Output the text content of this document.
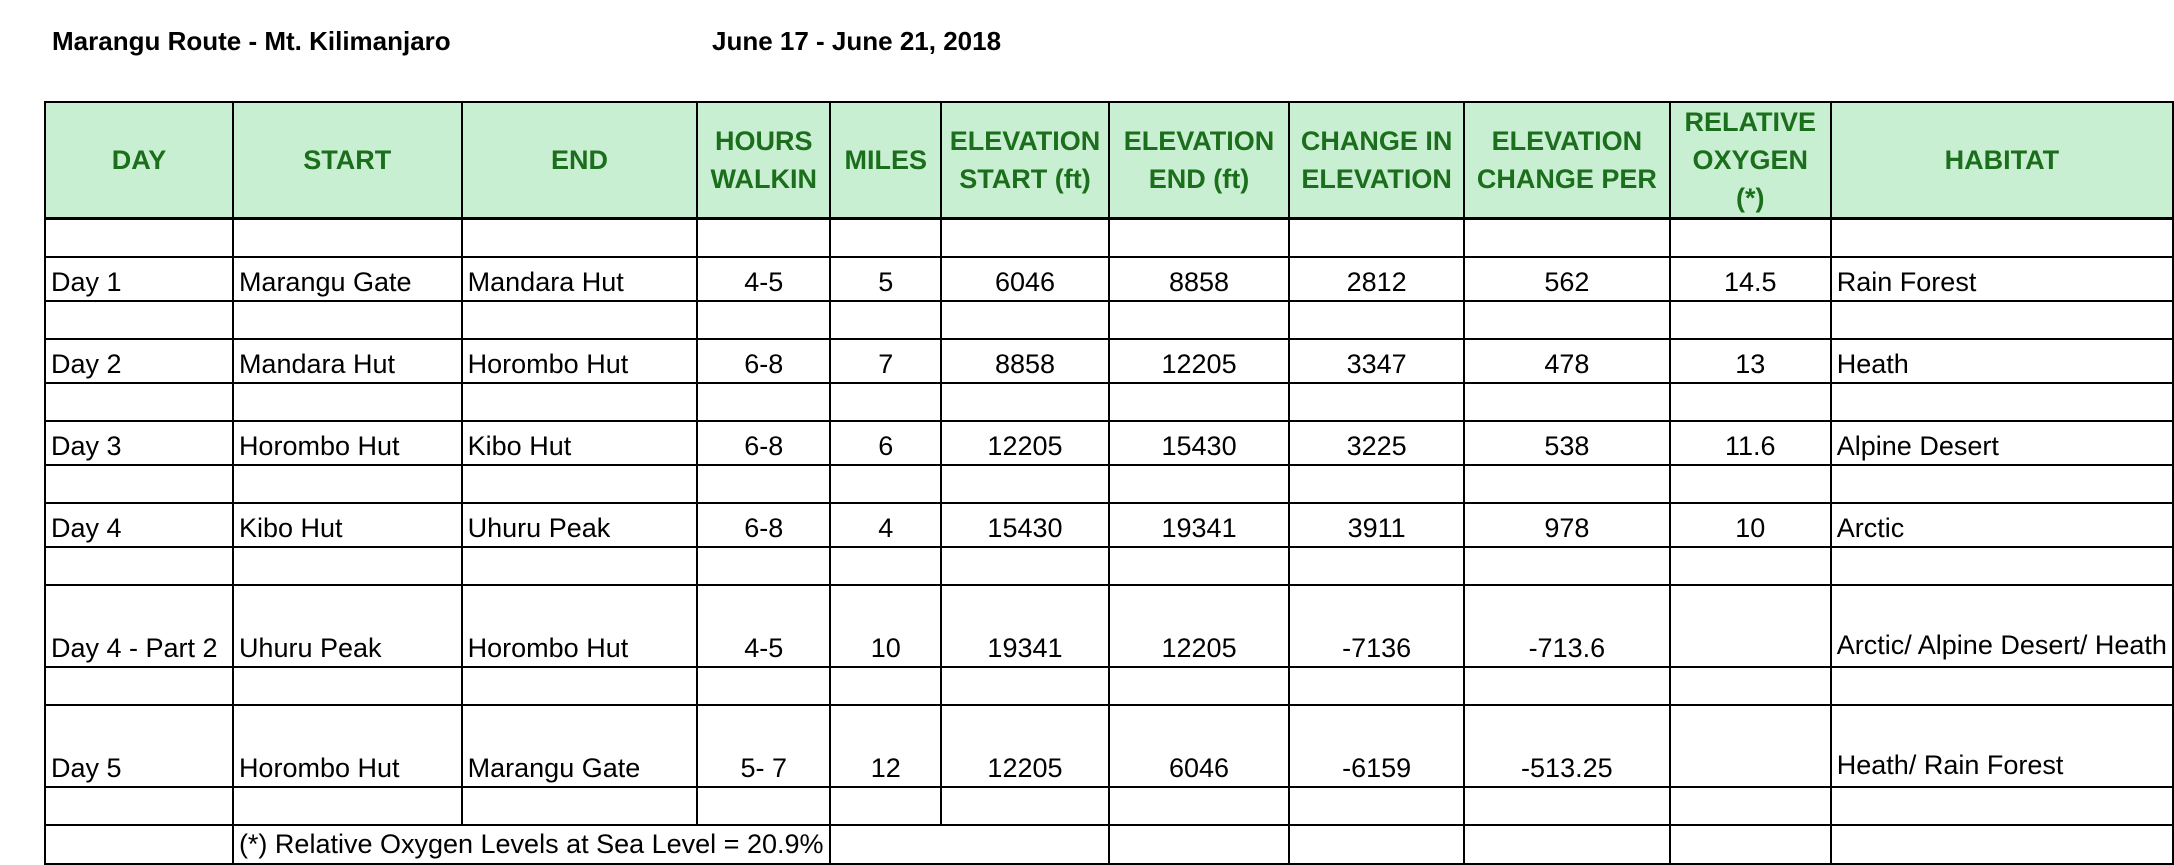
Marangu Route - Mt. Kilimanjaro	June 17 - June 21, 2018
DAY	START	END	HOURS WALKIN	MILES	ELEVATION START (ft)	ELEVATION END (ft)	CHANGE IN ELEVATION	ELEVATION CHANGE PER	RELATIVE OXYGEN (*)	HABITAT

Day 1	Marangu Gate	Mandara Hut	4-5	5	6046	8858	2812	562	14.5	Rain Forest

Day 2	Mandara Hut	Horombo Hut	6-8	7	8858	12205	3347	478	13	Heath

Day 3	Horombo Hut	Kibo Hut	6-8	6	12205	15430	3225	538	11.6	Alpine Desert

Day 4	Kibo Hut	Uhuru Peak	6-8	4	15430	19341	3911	978	10	Arctic

Day 4 - Part 2	Uhuru Peak	Horombo Hut	4-5	10	19341	12205	-7136	-713.6		Arctic/ Alpine Desert/ Heath

Day 5	Horombo Hut	Marangu Gate	5- 7	12	12205	6046	-6159	-513.25		Heath/ Rain Forest

	(*) Relative Oxygen Levels at Sea Level = 20.9%									
